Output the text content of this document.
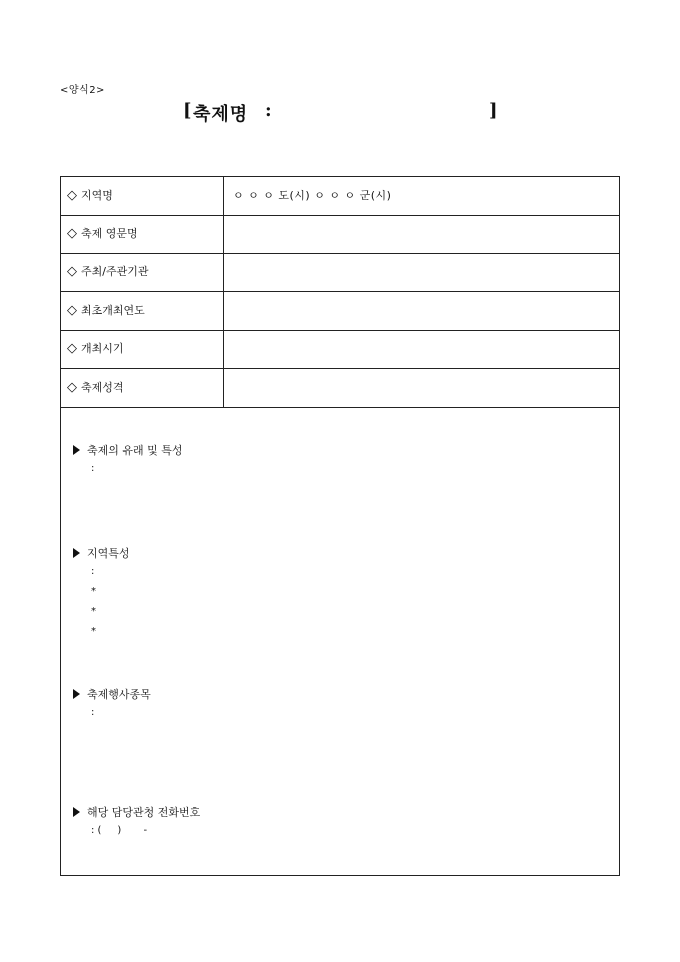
<양식2>
[ 축제명 :	]
◇ 지역명	ㅇ ㅇ ㅇ 도(시) ㅇ ㅇ ㅇ 군(시)
◇ 축제 영문명
◇ 주최/주관기관
◇ 최초개최연도
◇ 개최시기
◇ 축제성격
축제의 유래 및 특성
:
지역특성
:
*
*
*
축제행사종목
:
해당 담당관청 전화번호
: (     )       -
